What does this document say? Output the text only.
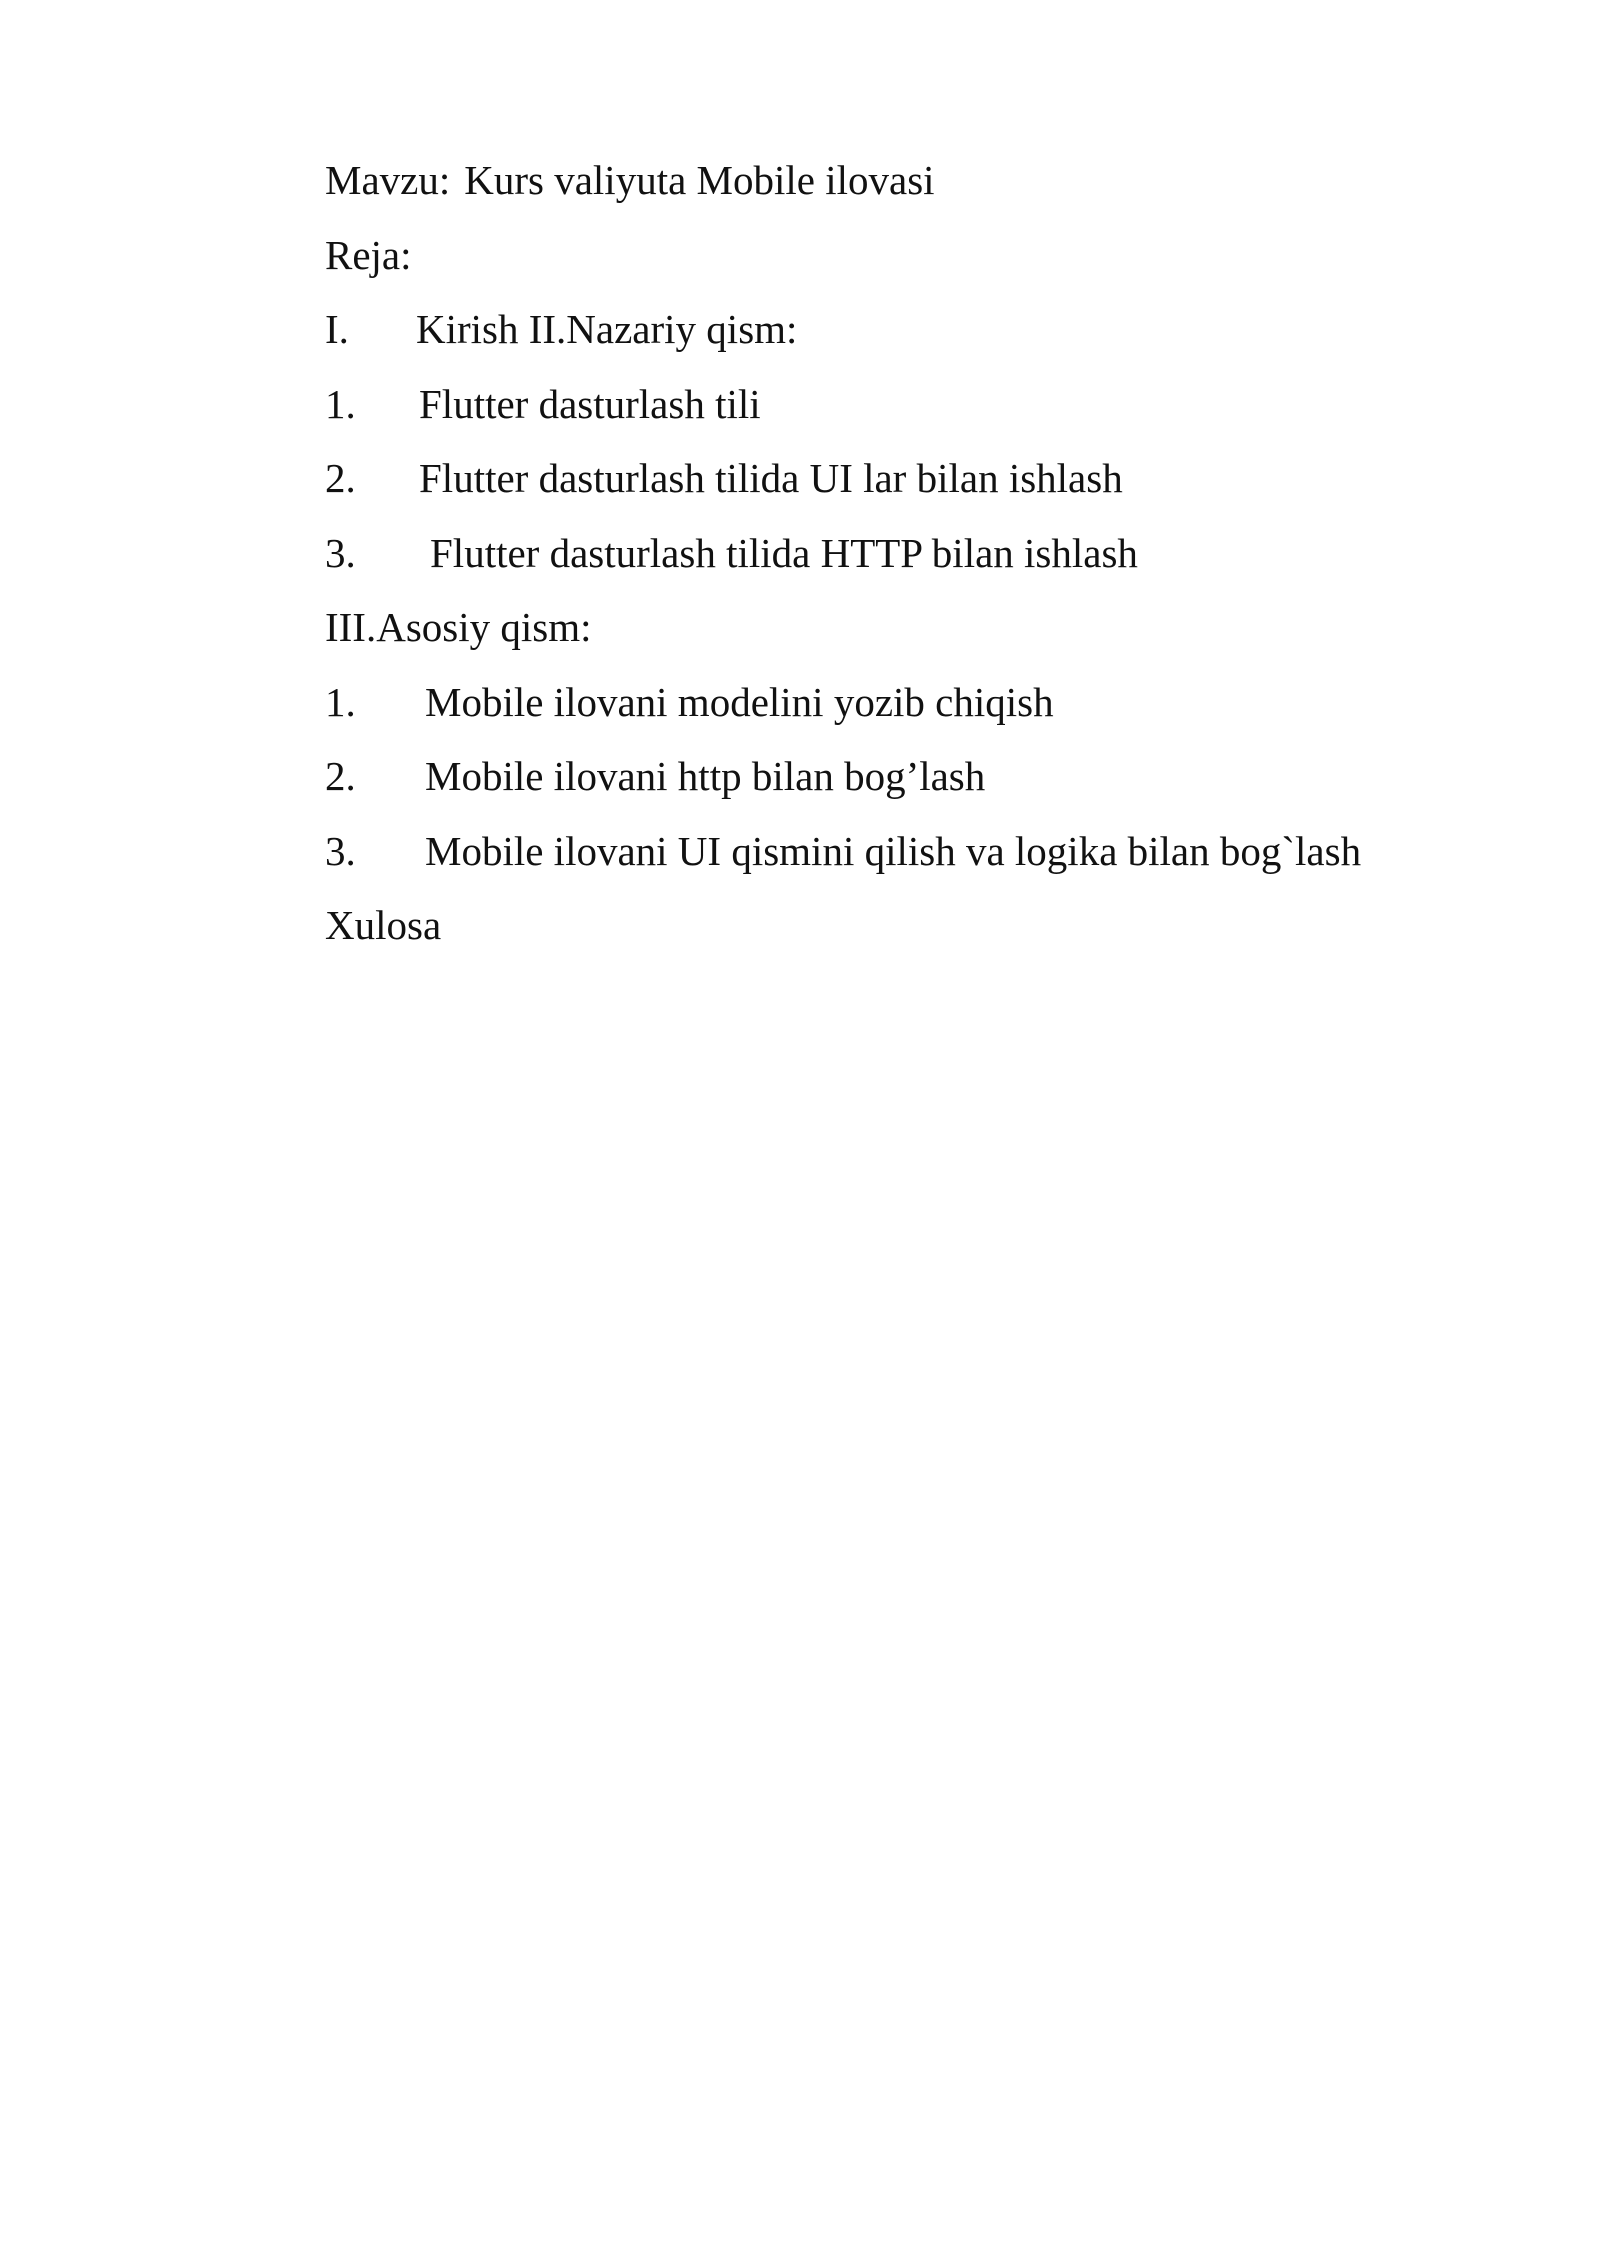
Mavzu: Kurs valiyuta Mobile ilovasi
Reja:
I. Kirish II.Nazariy qism:
1. Flutter dasturlash tili
2. Flutter dasturlash tilida UI lar bilan ishlash
3. Flutter dasturlash tilida HTTP bilan ishlash
III.Asosiy qism:
1. Mobile ilovani modelini yozib chiqish
2. Mobile ilovani http bilan bog’lash
3. Mobile ilovani UI qismini qilish va logika bilan bog`lash
Xulosa
